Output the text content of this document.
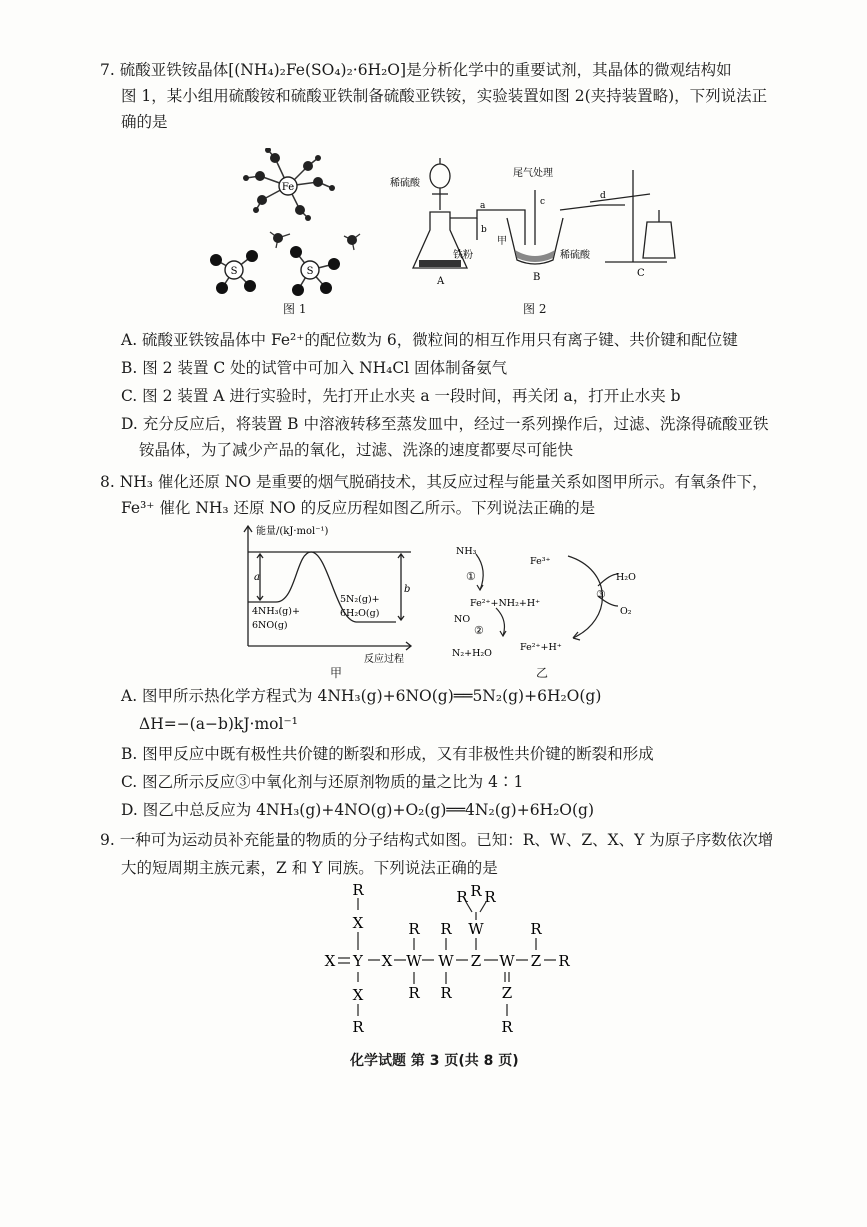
7. 硫酸亚铁铵晶体[(NH₄)₂Fe(SO₄)₂·6H₂O]是分析化学中的重要试剂，其晶体的微观结构如
图 1，某小组用硫酸铵和硫酸亚铁制备硫酸亚铁铵，实验装置如图 2(夹持装置略)，下列说法正
确的是
Fe
S	S
图 1
稀硫酸
尾气处理
铁粉
甲
稀硫酸
a
b
c
d
A	B	C
图 2
A. 硫酸亚铁铵晶体中 Fe²⁺的配位数为 6，微粒间的相互作用只有离子键、共价键和配位键
B. 图 2 装置 C 处的试管中可加入 NH₄Cl 固体制备氨气
C. 图 2 装置 A 进行实验时，先打开止水夹 a 一段时间，再关闭 a，打开止水夹 b
D. 充分反应后，将装置 B 中溶液转移至蒸发皿中，经过一系列操作后，过滤、洗涤得硫酸亚铁
铵晶体，为了减少产品的氧化，过滤、洗涤的速度都要尽可能快
8. NH₃ 催化还原 NO 是重要的烟气脱硝技术，其反应过程与能量关系如图甲所示。有氧条件下，
Fe³⁺ 催化 NH₃ 还原 NO 的反应历程如图乙所示。下列说法正确的是
能量/(kJ·mol⁻¹)
a
b
4NH₃(g)+
6NO(g)
5N₂(g)+
6H₂O(g)
反应过程
甲
NH₃
Fe³⁺
①
Fe²⁺+NH₂+H⁺
NO
②
N₂+H₂O
Fe²⁺+H⁺
H₂O
③
O₂
乙
A. 图甲所示热化学方程式为 4NH₃(g)+6NO(g)══5N₂(g)+6H₂O(g)
ΔH=−(a−b)kJ·mol⁻¹
B. 图甲反应中既有极性共价键的断裂和形成，又有非极性共价键的断裂和形成
C. 图乙所示反应③中氧化剂与还原剂物质的量之比为 4∶1
D. 图乙中总反应为 4NH₃(g)+4NO(g)+O₂(g)══4N₂(g)+6H₂O(g)
9. 一种可为运动员补充能量的物质的分子结构式如图。已知：R、W、Z、X、Y 为原子序数依次增
大的短周期主族元素，Z 和 Y 同族。下列说法正确的是
R
X
X Y X W W Z W Z R
X
R
R
R
R
R
W
R R R
Z
R
R
化学试题 第 3 页(共 8 页)
